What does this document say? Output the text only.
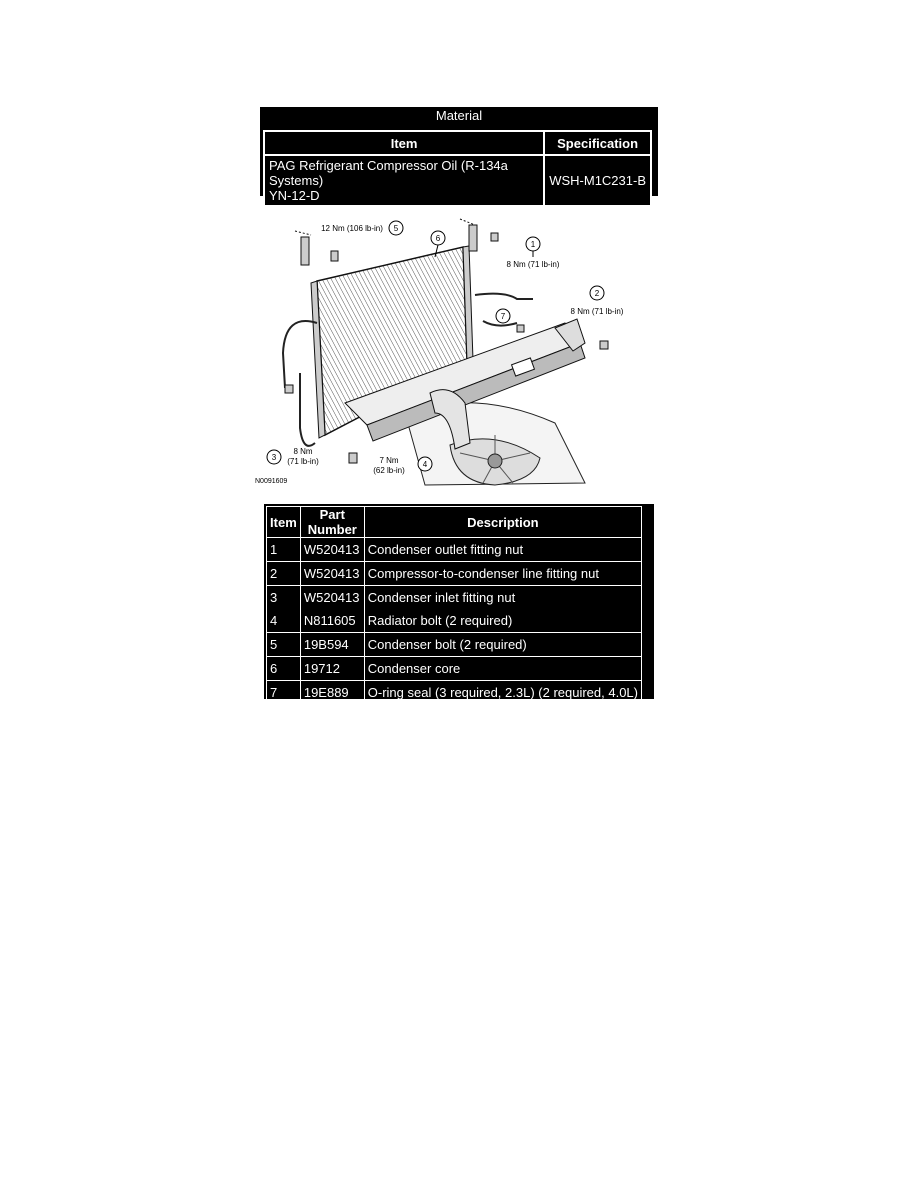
Material
Item	Specification

PAG Refrigerant Compressor Oil (R-134a Systems)
YN-12-D	WSH-M1C231-B
1
8 Nm (71 lb-in)
2
8 Nm (71 lb-in)
3
8 Nm
(71 lb-in)	4
7 Nm
(62 lb-in)
5
12 Nm (106 lb-in)
6
7
N0091609
Item	Part Number	Description
1	W520413	Condenser outlet fitting nut
2	W520413	Compressor-to-condenser line fitting nut
3	W520413	Condenser inlet fitting nut
4	N811605	Radiator bolt (2 required)
5	19B594	Condenser bolt (2 required)
6	19712	Condenser core
7	19E889	O-ring seal (3 required, 2.3L) (2 required, 4.0L)
